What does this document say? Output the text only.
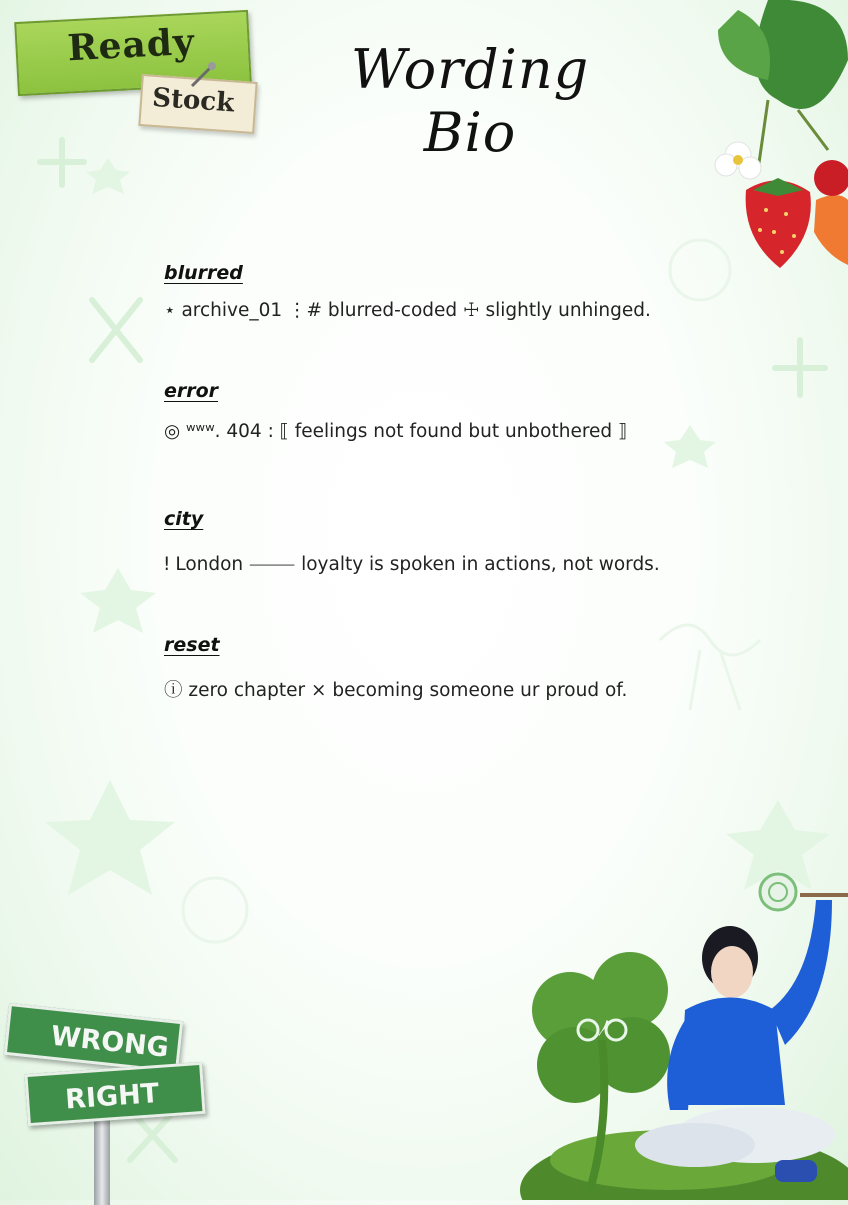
Ready
Stock	Wording Bio
blurred
⋆ archive_01 ⋮# blurred-coded ☩ slightly unhinged.
error
◎ ʷʷʷ. 404 : ⟦ feelings not found but unbothered ⟧
city
ǃ London ⸻ loyalty is spoken in actions, not words.
reset
ⓘ zero chapter × becoming someone ur proud of.
WRONG
RIGHT
